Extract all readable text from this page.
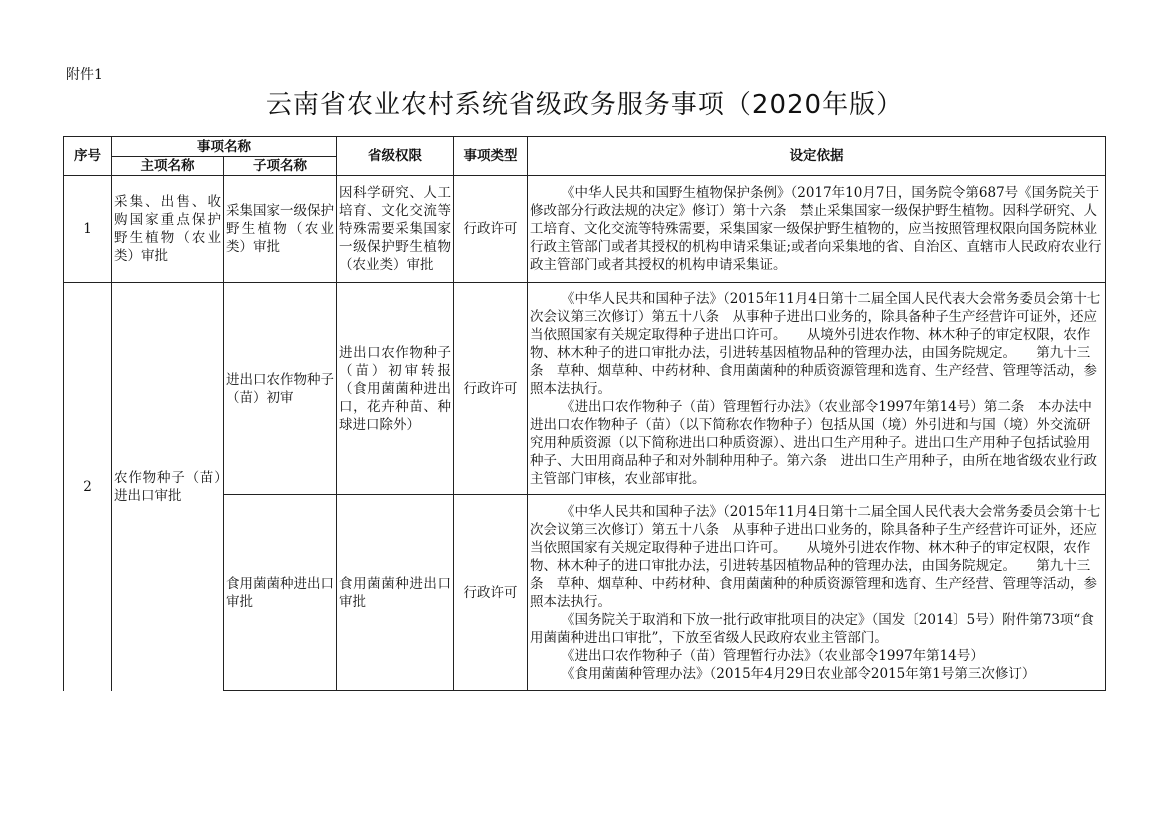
附件1
云南省农业农村系统省级政务服务事项（2020年版）
序号	事项名称		省级权限	事项类型	设定依据
	主项名称	子项名称			
1	采集、出售、收购国家重点保护野生植物（农业类）审批	采集国家一级保护野生植物（农业类）审批	因科学研究、人工培育、文化交流等特殊需要采集国家一级保护野生植物（农业类）审批	行政许可	《中华人民共和国野生植物保护条例》（2017年10月7日，国务院令第687号《国务院关于修改部分行政法规的决定》修订）第十六条　禁止采集国家一级保护野生植物。因科学研究、人工培育、文化交流等特殊需要，采集国家一级保护野生植物的，应当按照管理权限向国务院林业行政主管部门或者其授权的机构申请采集证;或者向采集地的省、自治区、直辖市人民政府农业行政主管部门或者其授权的机构申请采集证。

2	农作物种子（苗）进出口审批	进出口农作物种子（苗）初审	进出口农作物种子（苗）初审转报（食用菌菌种进出口，花卉种苗、种球进口除外）	行政许可	《中华人民共和国种子法》（2015年11月4日第十二届全国人民代表大会常务委员会第十七次会议第三次修订）第五十八条　从事种子进出口业务的，除具备种子生产经营许可证外，还应当依照国家有关规定取得种子进出口许可。　　从境外引进农作物、林木种子的审定权限，农作物、林木种子的进口审批办法，引进转基因植物品种的管理办法，由国务院规定。　　第九十三条　草种、烟草种、中药材种、食用菌菌种的种质资源管理和选育、生产经营、管理等活动，参照本法执行。

《进出口农作物种子（苗）管理暂行办法》（农业部令1997年第14号）第二条　本办法中进出口农作物种子（苗）（以下简称农作物种子）包括从国（境）外引进和与国（境）外交流研究用种质资源（以下简称进出口种质资源）、进出口生产用种子。进出口生产用种子包括试验用种子、大田用商品种子和对外制种用种子。第六条　进出口生产用种子，由所在地省级农业行政主管部门审核，农业部审批。

		食用菌菌种进出口审批	食用菌菌种进出口审批	行政许可	《中华人民共和国种子法》（2015年11月4日第十二届全国人民代表大会常务委员会第十七次会议第三次修订）第五十八条　从事种子进出口业务的，除具备种子生产经营许可证外，还应当依照国家有关规定取得种子进出口许可。　　从境外引进农作物、林木种子的审定权限，农作物、林木种子的进口审批办法，引进转基因植物品种的管理办法，由国务院规定。　　第九十三条　草种、烟草种、中药材种、食用菌菌种的种质资源管理和选育、生产经营、管理等活动，参照本法执行。

《国务院关于取消和下放一批行政审批项目的决定》（国发〔2014〕5号）附件第73项“食用菌菌种进出口审批”，下放至省级人民政府农业主管部门。

《进出口农作物种子（苗）管理暂行办法》（农业部令1997年第14号）

《食用菌菌种管理办法》（2015年4月29日农业部令2015年第1号第三次修订）
